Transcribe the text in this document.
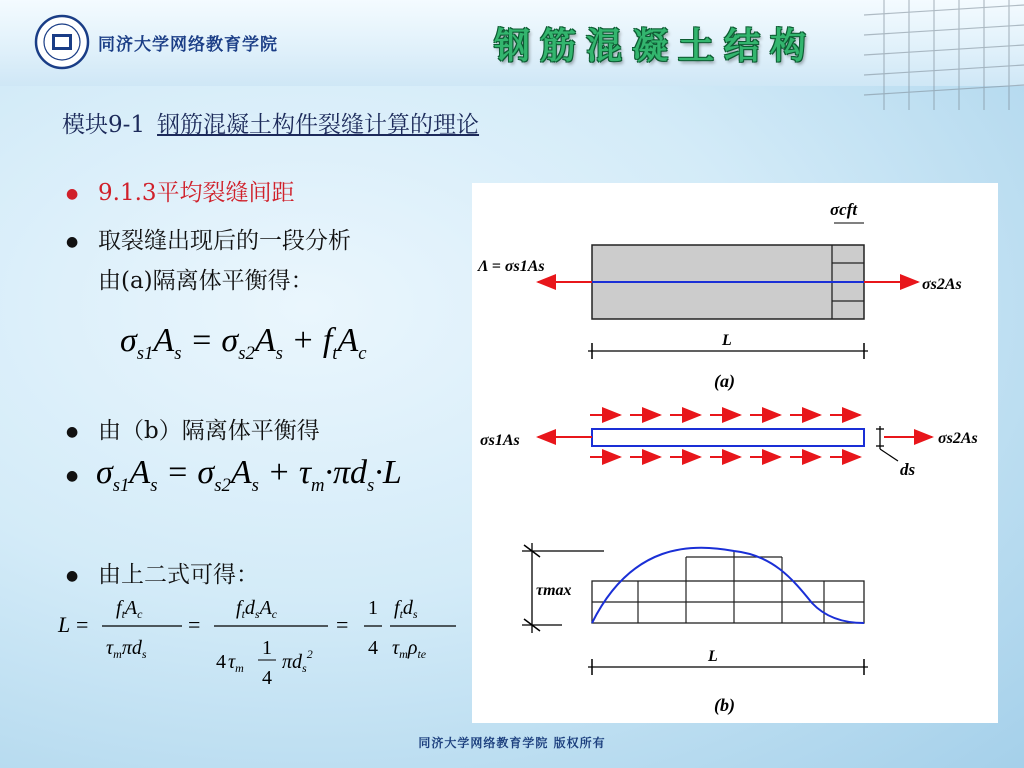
同济大学网络教育学院	钢筋混凝土结构
模块9-1 钢筋混凝土构件裂缝计算的理论
● 9.1.3平均裂缝间距
● 取裂缝出现后的一段分析
由(a)隔离体平衡得：
● 由（b）隔离体平衡得
●
● 由上二式可得：
$\sigma_{s1}A_s = \sigma_{s2}A_s + f_tA_c$
$\sigma_{s1}A_s = \sigma_{s2}A_s + \tau_m\cdot\pi d_s\cdot L$
L =
$f_tA_c$
$\tau_m\pi d_s$
=
$f_td_sA_c$
4 $\tau_m$
1
4
$\pi d_s^2$
=
1
4
$f_td_s$
$\tau_m\rho_{te}$
σcft
Λ = σs1As
σs2As
L
(a)
σs1As	σs2As
ds
τmax
L
(b)
同济大学网络教育学院 版权所有
